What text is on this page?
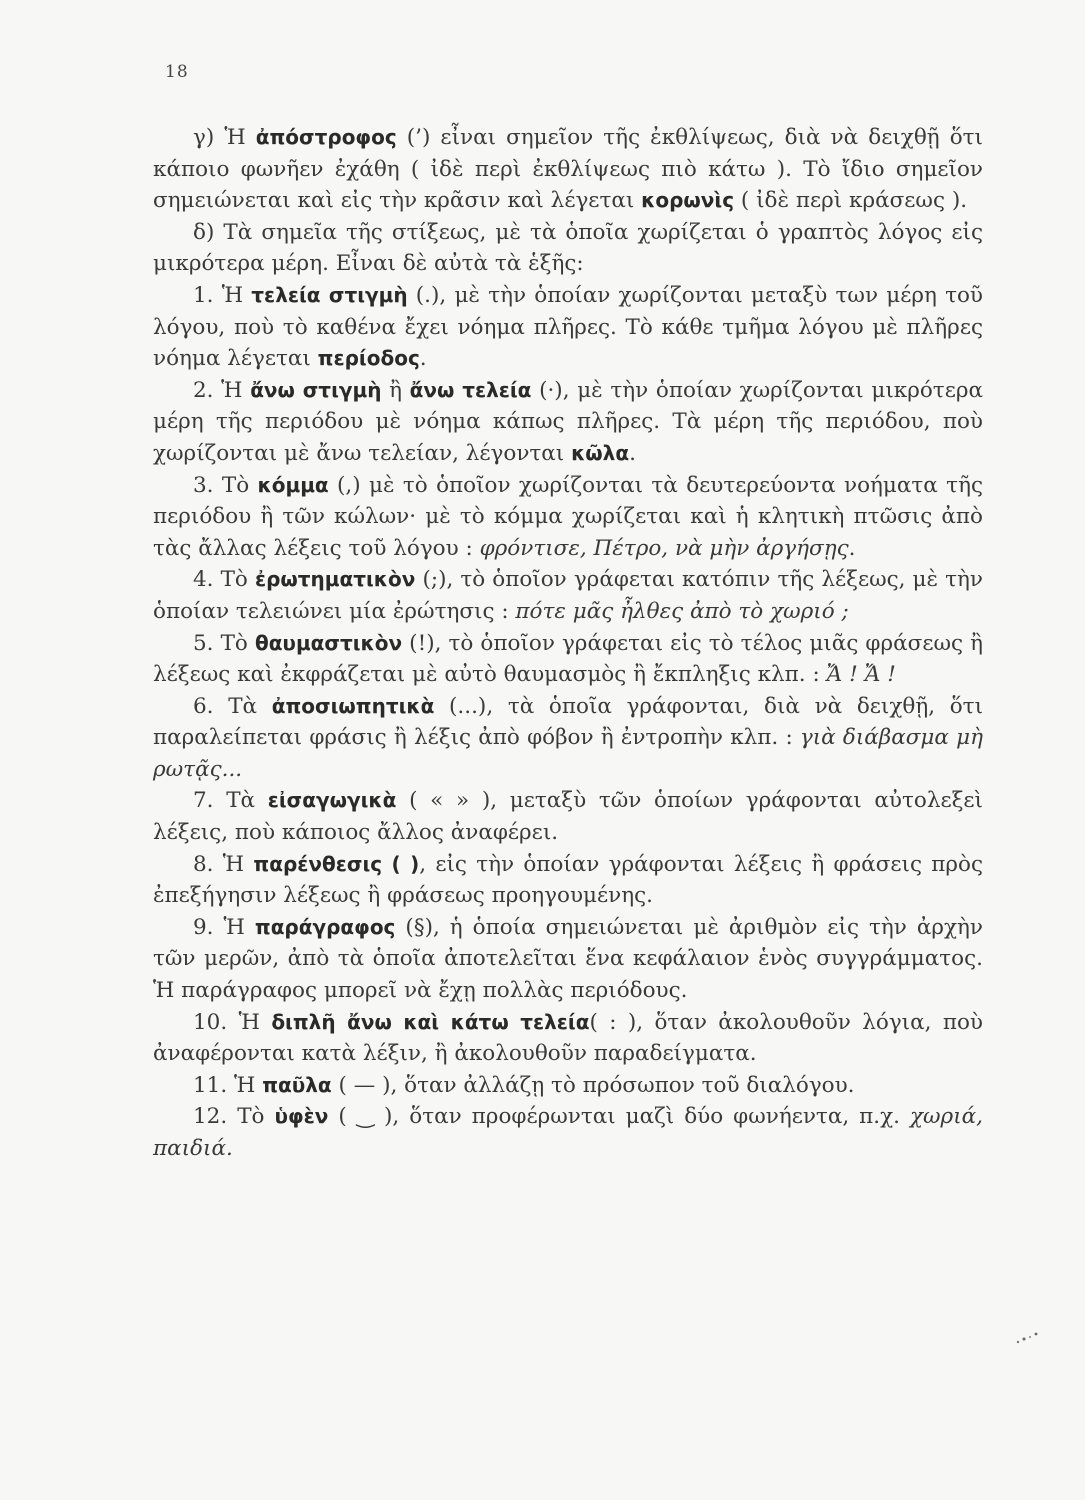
18

γ) Ἡ ἀπόστροφος (’) εἶναι σημεῖον τῆς ἐκθλίψεως, διὰ νὰ δειχθῇ ὅτι κάποιο φωνῆεν ἐχάθη ( ἰδὲ περὶ ἐκθλίψεως πιὸ κάτω ). Τὸ ἴδιο σημεῖον σημειώνεται καὶ εἰς τὴν κρᾶσιν καὶ λέγεται κορωνὶς ( ἰδὲ περὶ κράσεως ).

δ) Τὰ σημεῖα τῆς στίξεως, μὲ τὰ ὁποῖα χωρίζεται ὁ γραπτὸς λόγος εἰς μικρότερα μέρη. Εἶναι δὲ αὐτὰ τὰ ἑξῆς:

1. Ἡ τελεία στιγμὴ (.), μὲ τὴν ὁποίαν χωρίζονται μεταξὺ των μέρη τοῦ λόγου, ποὺ τὸ καθένα ἔχει νόημα πλῆρες. Τὸ κάθε τμῆμα λόγου μὲ πλῆρες νόημα λέγεται περίοδος.

2. Ἡ ἄνω στιγμὴ ἢ ἄνω τελεία (·), μὲ τὴν ὁποίαν χωρίζονται μικρότερα μέρη τῆς περιόδου μὲ νόημα κάπως πλῆρες. Τὰ μέρη τῆς περιόδου, ποὺ χωρίζονται μὲ ἄνω τελείαν, λέγονται κῶλα.

3. Τὸ κόμμα (,) μὲ τὸ ὁποῖον χωρίζονται τὰ δευτερεύοντα νοήματα τῆς περιόδου ἢ τῶν κώλων· μὲ τὸ κόμμα χωρίζεται καὶ ἡ κλητικὴ πτῶσις ἀπὸ τὰς ἄλλας λέξεις τοῦ λόγου : φρόντισε, Πέτρο, νὰ μὴν ἀργήσῃς.

4. Τὸ ἐρωτηματικὸν (;), τὸ ὁποῖον γράφεται κατόπιν τῆς λέξεως, μὲ τὴν ὁποίαν τελειώνει μία ἐρώτησις : πότε μᾶς ἦλθες ἀπὸ τὸ χωριό ;

5. Τὸ θαυμαστικὸν (!), τὸ ὁποῖον γράφεται εἰς τὸ τέλος μιᾶς φράσεως ἢ λέξεως καὶ ἐκφράζεται μὲ αὐτὸ θαυμασμὸς ἢ ἔκπληξις κλπ. : Ἄ ! Ἄ !

6. Τὰ ἀποσιωπητικὰ (...), τὰ ὁποῖα γράφονται, διὰ νὰ δειχθῇ, ὅτι παραλείπεται φράσις ἢ λέξις ἀπὸ φόβον ἢ ἐντροπὴν κλπ. : γιὰ διάβασμα μὴ ρωτᾷς...

7. Τὰ εἰσαγωγικὰ ( « » ), μεταξὺ τῶν ὁποίων γράφονται αὐτολεξεὶ λέξεις, ποὺ κάποιος ἄλλος ἀναφέρει.

8. Ἡ παρένθεσις ( ), εἰς τὴν ὁποίαν γράφονται λέξεις ἢ φράσεις πρὸς ἐπεξήγησιν λέξεως ἢ φράσεως προηγουμένης.

9. Ἡ παράγραφος (§), ἡ ὁποία σημειώνεται μὲ ἀριθμὸν εἰς τὴν ἀρχὴν τῶν μερῶν, ἀπὸ τὰ ὁποῖα ἀποτελεῖται ἕνα κεφάλαιον ἑνὸς συγγράμματος. Ἡ παράγραφος μπορεῖ νὰ ἔχῃ πολλὰς περιόδους.

10. Ἡ διπλῆ ἄνω καὶ κάτω τελεία( : ), ὅταν ἀκολουθοῦν λόγια, ποὺ ἀναφέρονται κατὰ λέξιν, ἢ ἀκολουθοῦν παραδείγματα.

11. Ἡ παῦλα ( — ), ὅταν ἀλλάζῃ τὸ πρόσωπον τοῦ διαλόγου.

12. Τὸ ὑφὲν ( ‿ ), ὅταν προφέρωνται μαζὶ δύο φωνήεντα, π.χ. χωριά, παιδιά.
